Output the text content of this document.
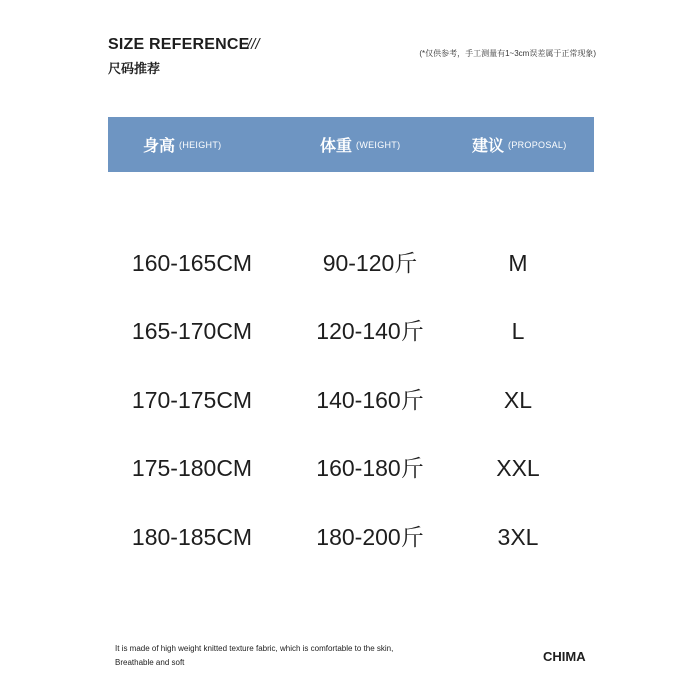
SIZE REFERENCE
///
尺码推荐
(*仅供参考，手工测量有1~3cm误差属于正常现象)
身高 (HEIGHT)	体重 (WEIGHT)	建议 (PROPOSAL)
160-165CM	90-120斤	M
165-170CM	120-140斤	L
170-175CM	140-160斤	XL
175-180CM	160-180斤	XXL
180-185CM	180-200斤	3XL
It is made of high weight knitted texture fabric, which is comfortable to the skin,
Breathable and soft	CHIMA
